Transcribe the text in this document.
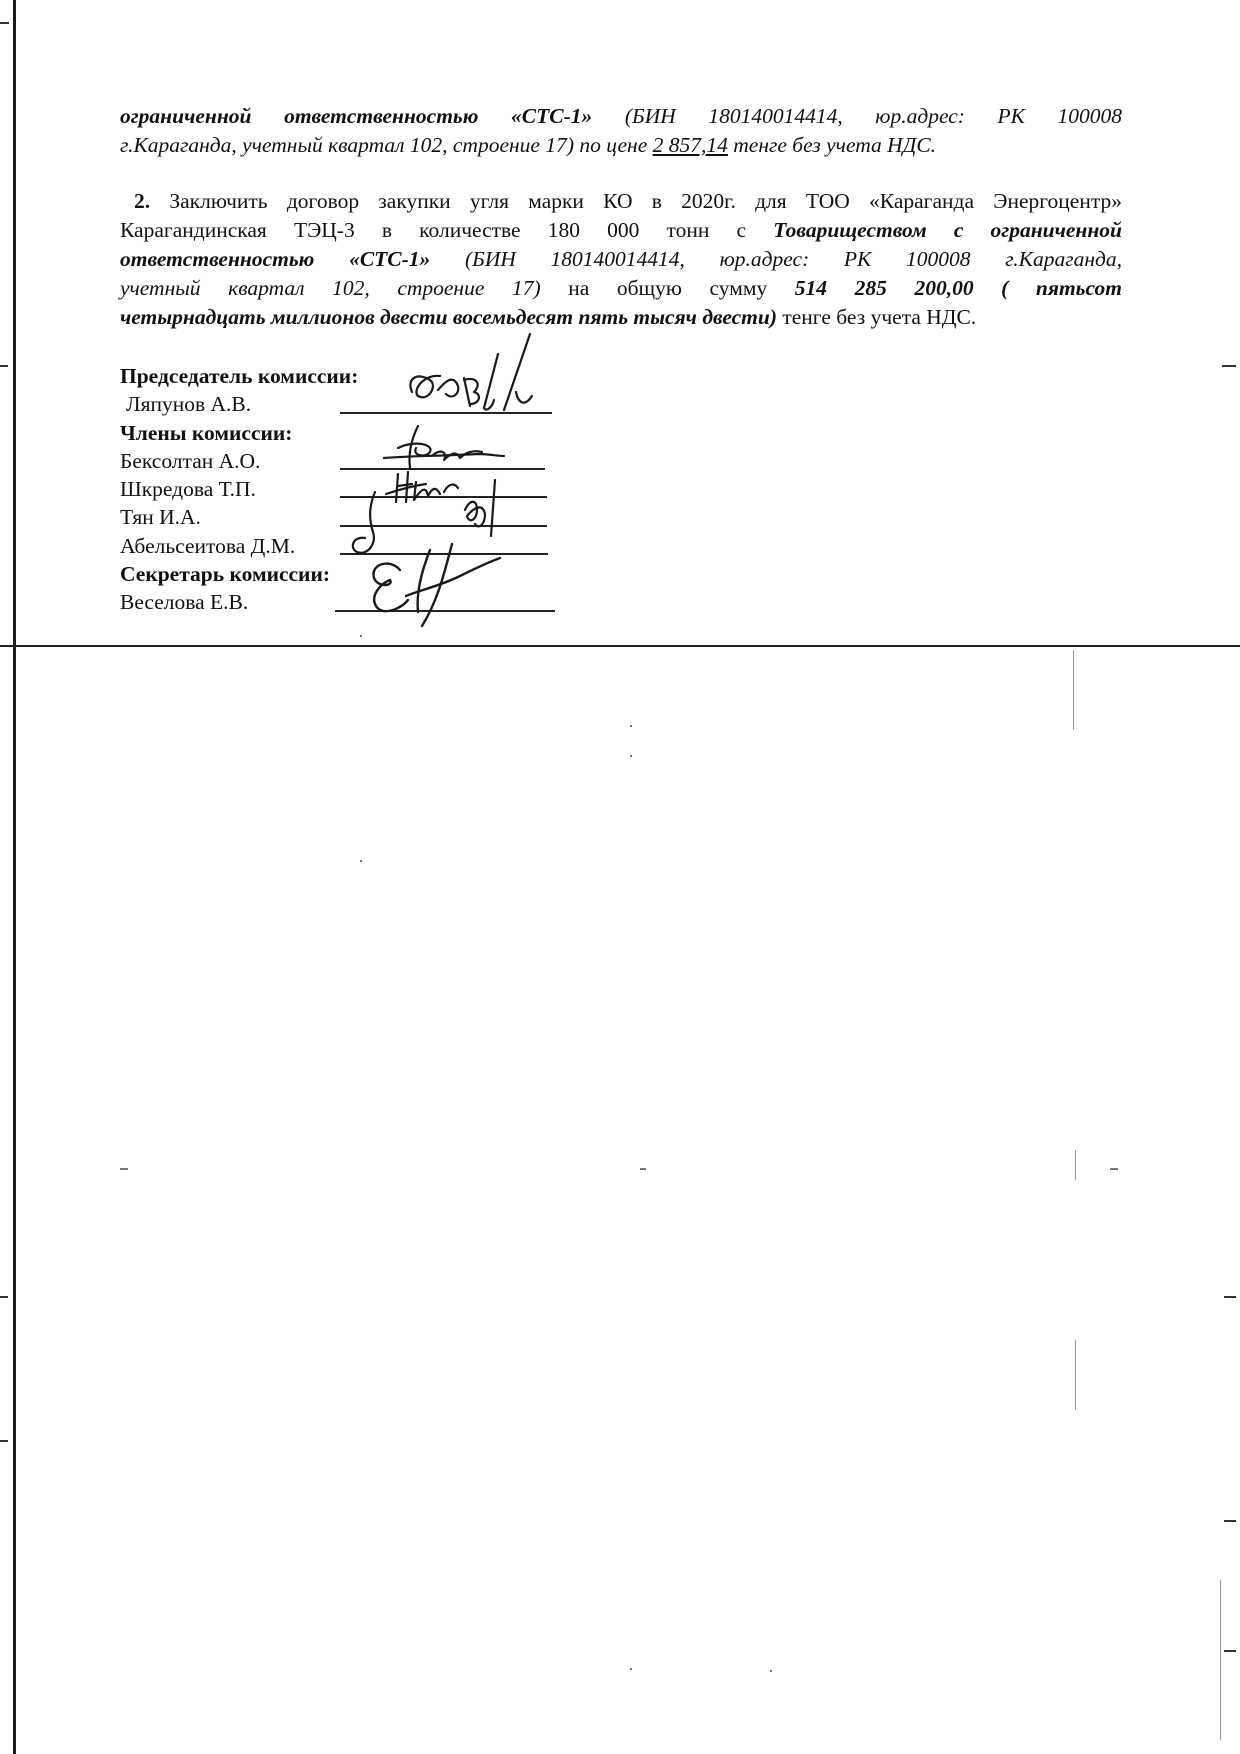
ограниченной ответственностью «СТС-1» (БИН 180140014414, юр.адрес: РК 100008
г.Караганда, учетный квартал 102, строение 17) по цене 2 857,14 тенге без учета НДС.
2. Заключить договор закупки угля марки КО в 2020г. для ТОО «Караганда Энергоцентр»
Карагандинская ТЭЦ-3 в количестве 180 000 тонн с Товариществом с ограниченной
ответственностью «СТС-1» (БИН 180140014414, юр.адрес: РК 100008 г.Караганда,
учетный квартал 102, строение 17) на общую сумму 514 285 200,00 ( пятьсот
четырнадцать миллионов двести восемьдесят пять тысяч двести) тенге без учета НДС.
Председатель комиссии:
Ляпунов А.В.
Члены комиссии:
Бексолтан А.О.
Шкредова Т.П.
Тян И.А.
Абельсеитова Д.М.
Секретарь комиссии:
Веселова Е.В.
